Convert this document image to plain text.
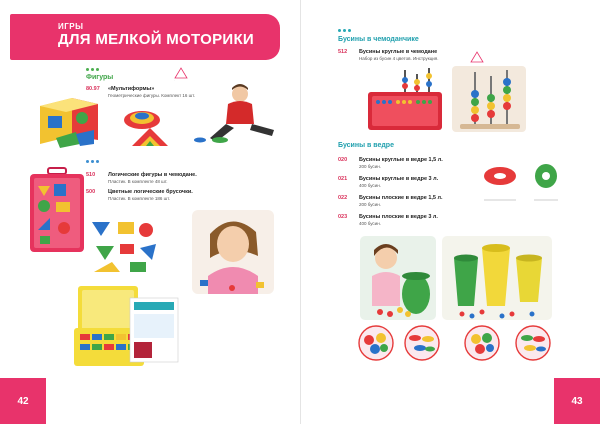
ИГРЫ
ДЛЯ МЕЛКОЙ МОТОРИКИ
Фигуры	·
80.97 «Мультиформы»
Геометрические фигуры. Комплект 16 шт.
510 Логические фигуры в чемодане.
Пластик. В комплекте 48 шт.
500 Цветные логические брусочки.
Пластик. В комплекте 186 шт.
42
Бусины в чемоданчике
512 Бусины круглые в чемодане
Набор из бусин 4 цветов. Инструкция.
Бусины в ведре
020 Бусины круглые в ведре 1,5 л.
200 бусин.
021 Бусины круглые в ведре 3 л.
400 бусин.
022 Бусины плоские в ведре 1,5 л.
200 бусин.
023 Бусины плоские в ведре 3 л.
400 бусин.
43
